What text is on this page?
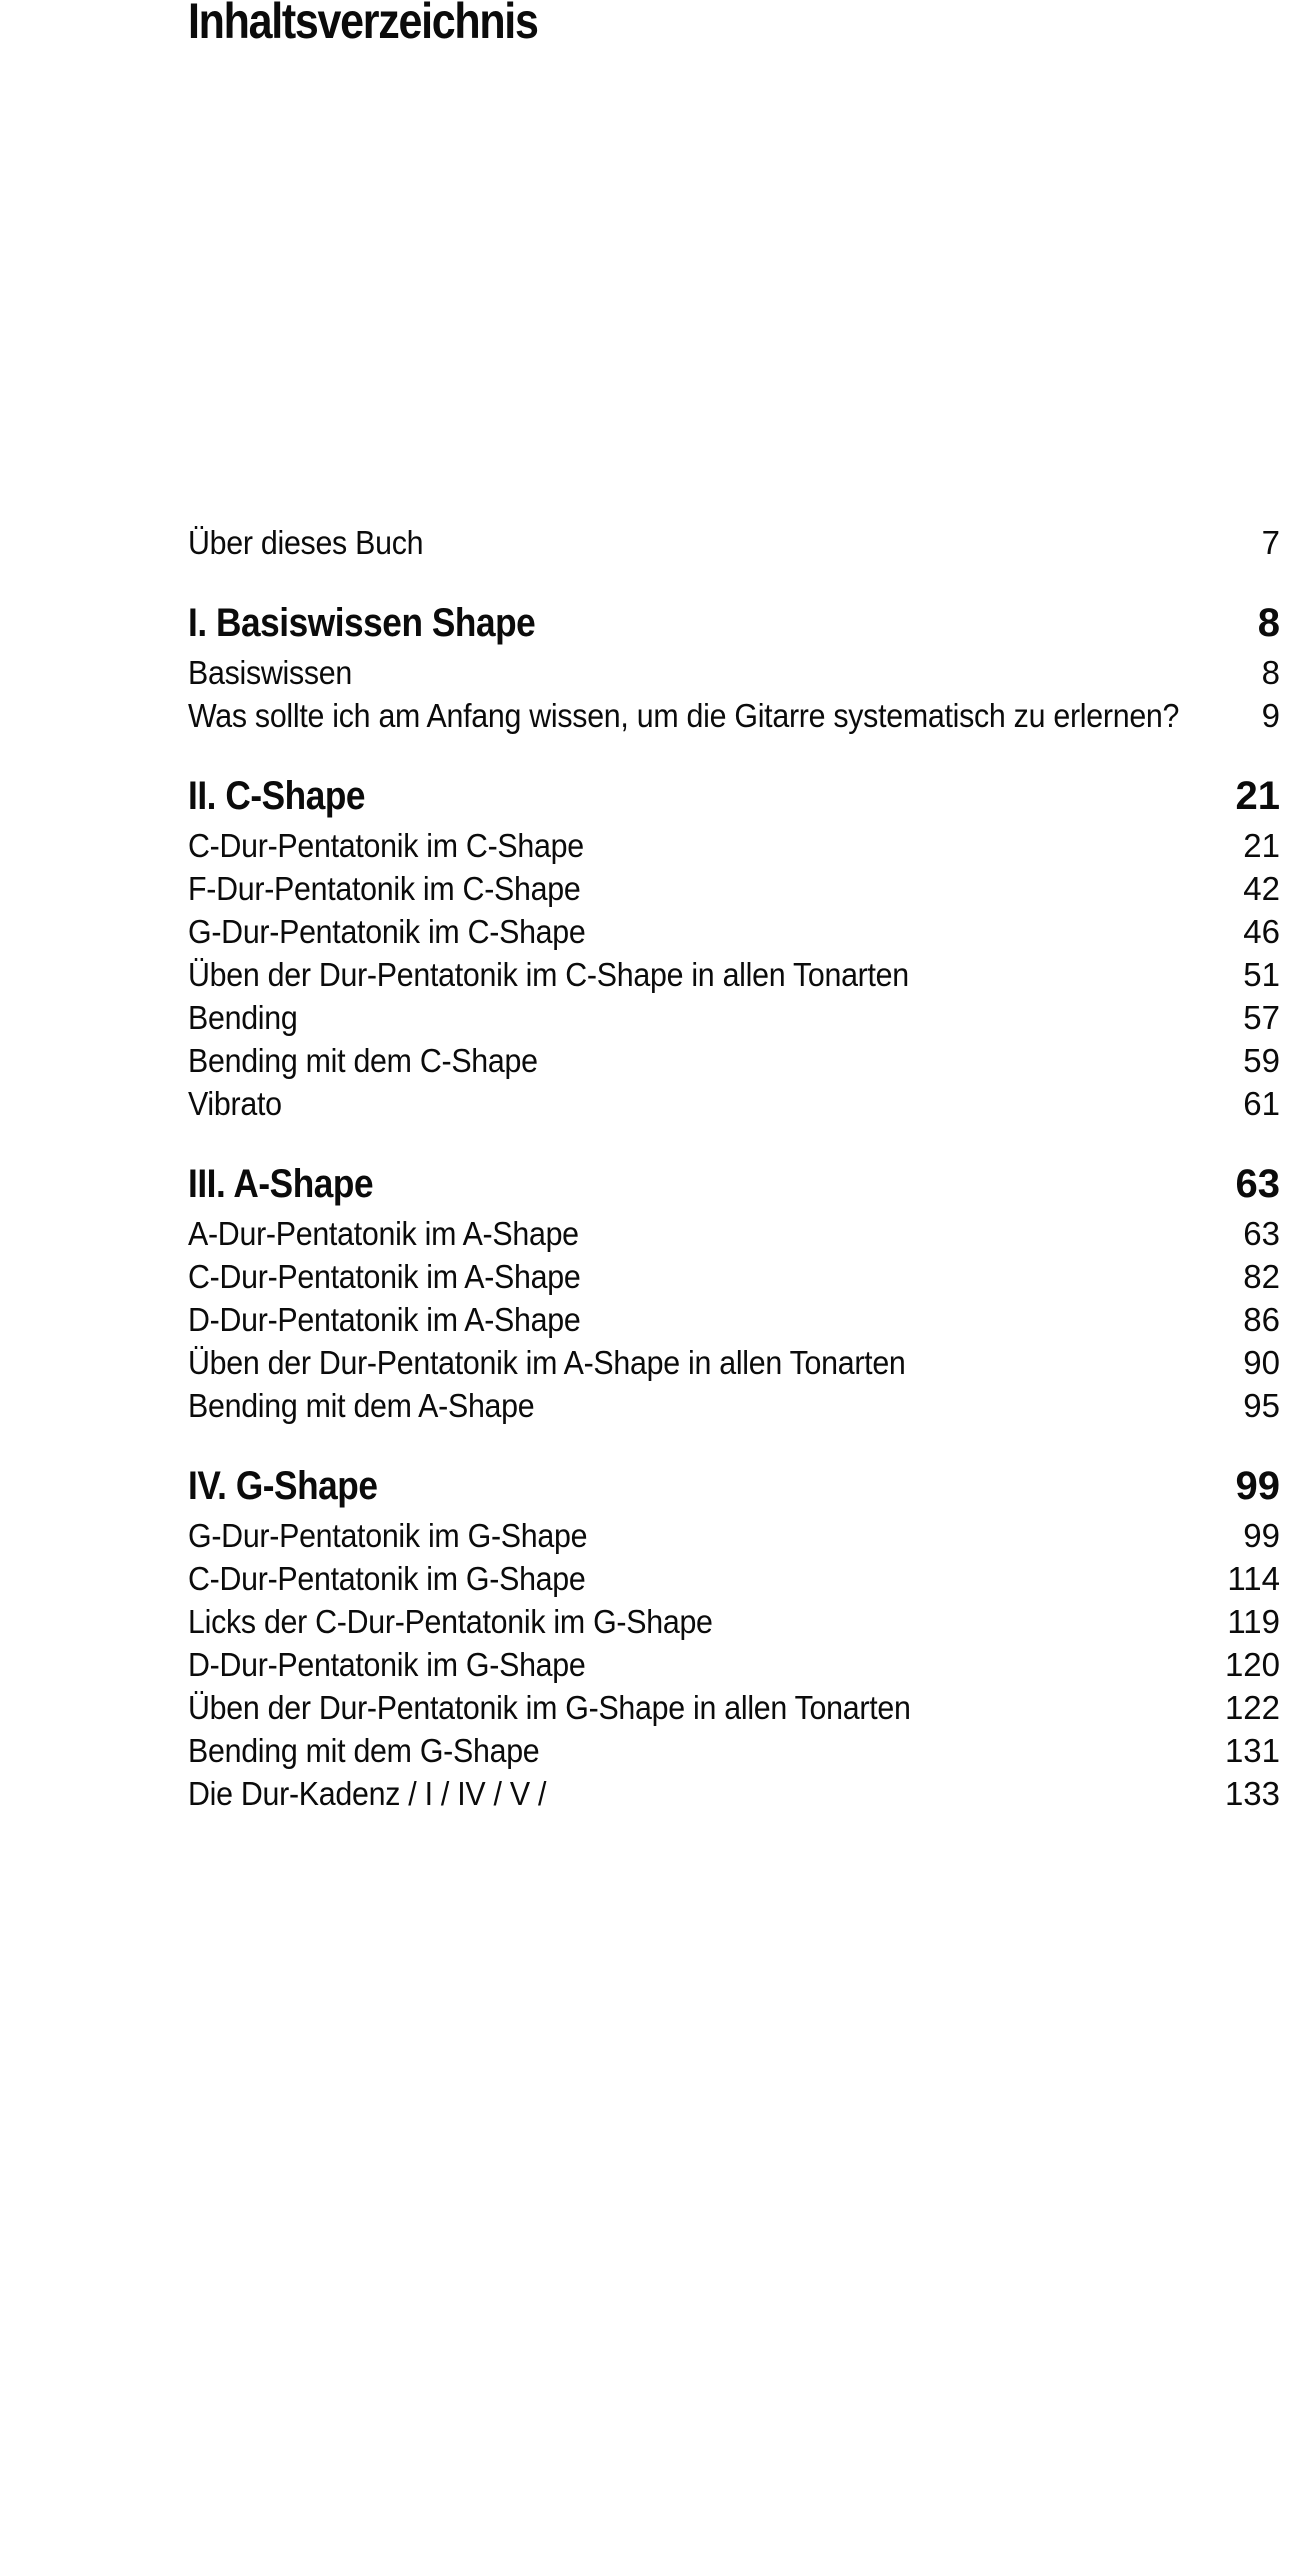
Inhaltsverzeichnis
Über dieses Buch	7
I. Basiswissen Shape	8
Basiswissen	8
Was sollte ich am Anfang wissen, um die Gitarre systematisch zu erlernen? 9
II. C-Shape	21
C-Dur-Pentatonik im C-Shape	21
F-Dur-Pentatonik im C-Shape	42
G-Dur-Pentatonik im C-Shape	46
Üben der Dur-Pentatonik im C-Shape in allen Tonarten	51
Bending	57
Bending mit dem C-Shape	59
Vibrato	61
III. A-Shape	63
A-Dur-Pentatonik im A-Shape	63
C-Dur-Pentatonik im A-Shape	82
D-Dur-Pentatonik im A-Shape	86
Üben der Dur-Pentatonik im A-Shape in allen Tonarten	90
Bending mit dem A-Shape	95
IV. G-Shape	99
G-Dur-Pentatonik im G-Shape	99
C-Dur-Pentatonik im G-Shape	114
Licks der C-Dur-Pentatonik im G-Shape	119
D-Dur-Pentatonik im G-Shape	120
Üben der Dur-Pentatonik im G-Shape in allen Tonarten	122
Bending mit dem G-Shape	131
Die Dur-Kadenz / I / IV / V /	133
